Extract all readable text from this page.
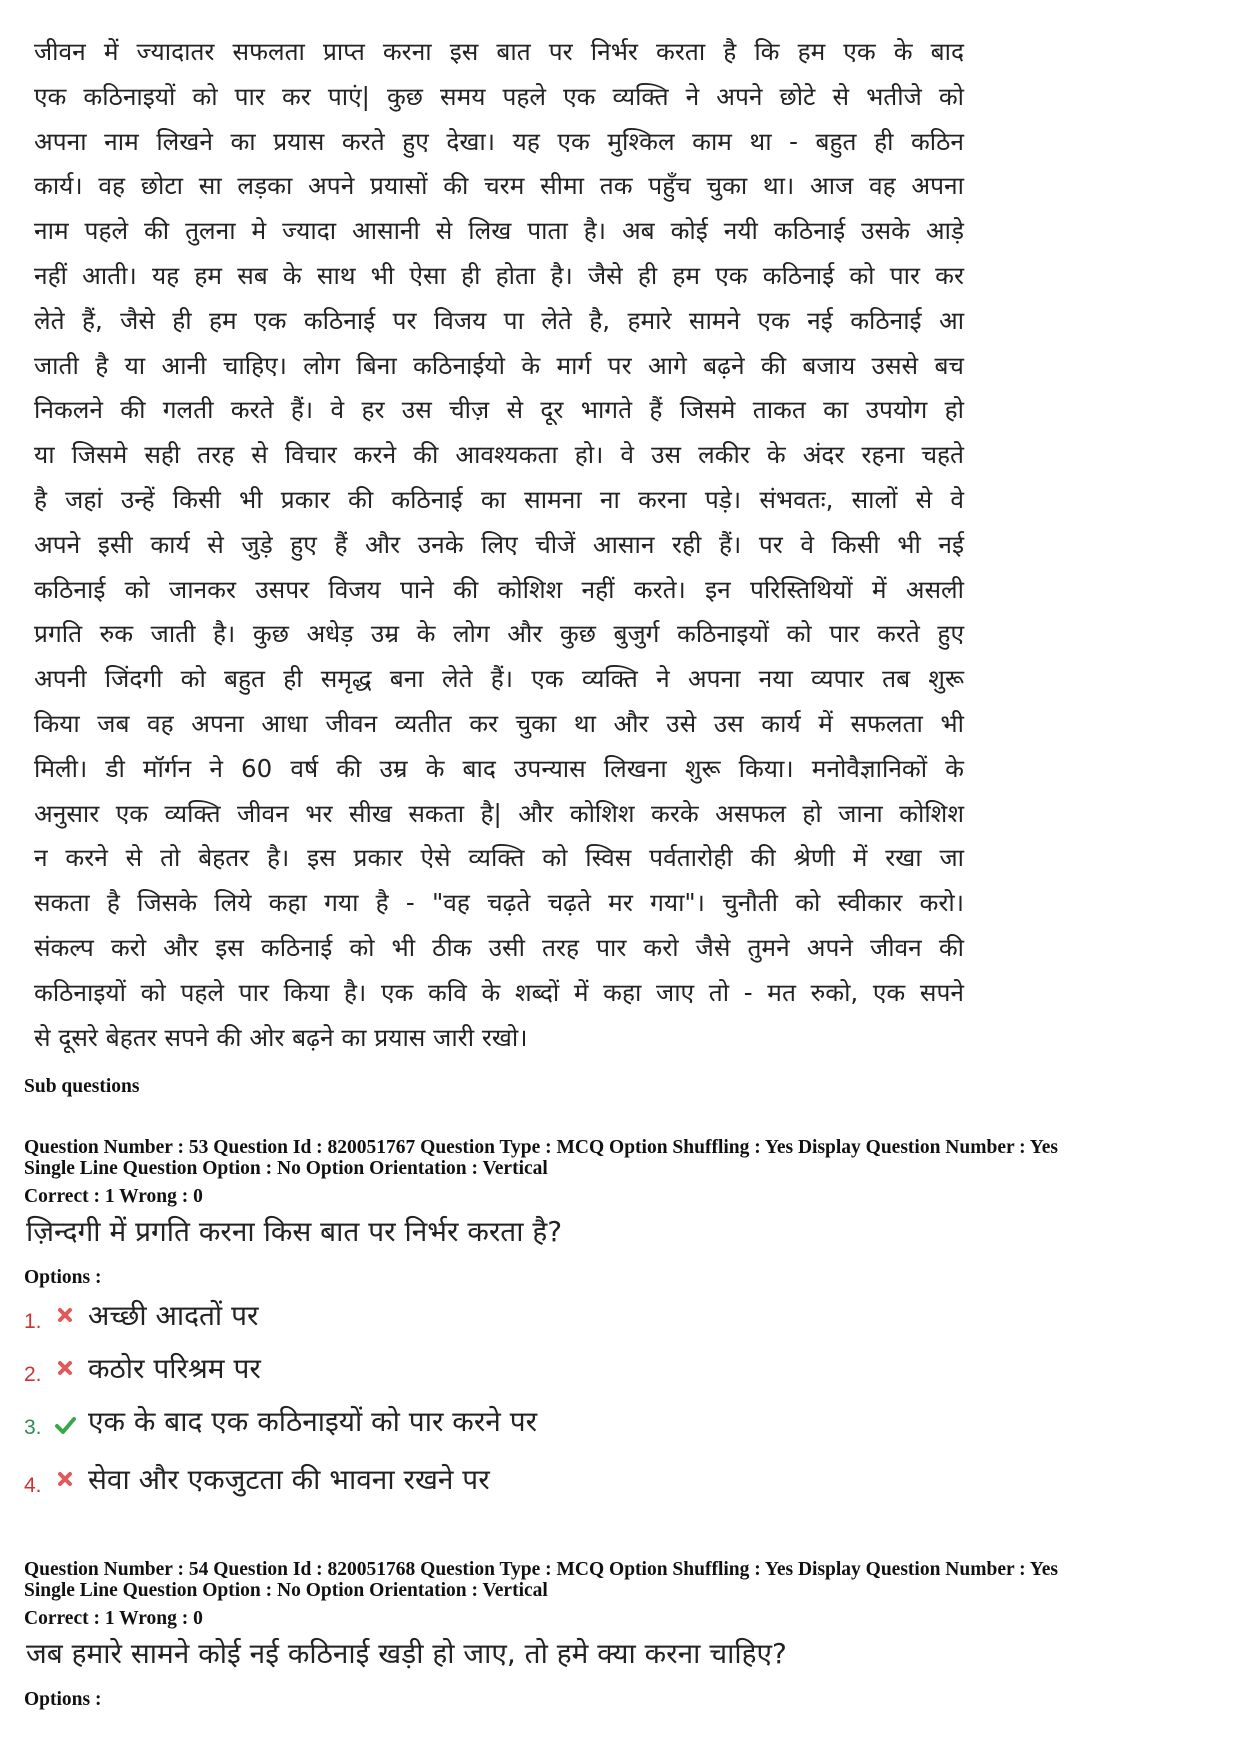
जीवन में ज्यादातर सफलता प्राप्त करना इस बात पर निर्भर करता है कि हम एक के बाद
एक कठिनाइयों को पार कर पाएं| कुछ समय पहले एक व्यक्ति ने अपने छोटे से भतीजे को
अपना नाम लिखने का प्रयास करते हुए देखा। यह एक मुश्किल काम था - बहुत ही कठिन
कार्य। वह छोटा सा लड़का अपने प्रयासों की चरम सीमा तक पहुँच चुका था। आज वह अपना
नाम पहले की तुलना मे ज्यादा आसानी से लिख पाता है। अब कोई नयी कठिनाई उसके आड़े
नहीं आती। यह हम सब के साथ भी ऐसा ही होता है। जैसे ही हम एक कठिनाई को पार कर
लेते हैं, जैसे ही हम एक कठिनाई पर विजय पा लेते है, हमारे सामने एक नई कठिनाई आ
जाती है या आनी चाहिए। लोग बिना कठिनाईयो के मार्ग पर आगे बढ़ने की बजाय उससे बच
निकलने की गलती करते हैं। वे हर उस चीज़ से दूर भागते हैं जिसमे ताकत का उपयोग हो
या जिसमे सही तरह से विचार करने की आवश्यकता हो। वे उस लकीर के अंदर रहना चहते
है जहां उन्हें किसी भी प्रकार की कठिनाई का सामना ना करना पड़े। संभवतः, सालों से वे
अपने इसी कार्य से जुड़े हुए हैं और उनके लिए चीजें आसान रही हैं। पर वे किसी भी नई
कठिनाई को जानकर उसपर विजय पाने की कोशिश नहीं करते। इन परिस्तिथियों में असली
प्रगति रुक जाती है। कुछ अधेड़ उम्र के लोग और कुछ बुजुर्ग कठिनाइयों को पार करते हुए
अपनी जिंदगी को बहुत ही समृद्ध बना लेते हैं। एक व्यक्ति ने अपना नया व्यपार तब शुरू
किया जब वह अपना आधा जीवन व्यतीत कर चुका था और उसे उस कार्य में सफलता भी
मिली। डी मॉर्गन ने 60 वर्ष की उम्र के बाद उपन्यास लिखना शुरू किया। मनोवैज्ञानिकों के
अनुसार एक व्यक्ति जीवन भर सीख सकता है| और कोशिश करके असफल हो जाना कोशिश
न करने से तो बेहतर है। इस प्रकार ऐसे व्यक्ति को स्विस पर्वतारोही की श्रेणी में रखा जा
सकता है जिसके लिये कहा गया है - "वह चढ़ते चढ़ते मर गया"। चुनौती को स्वीकार करो।
संकल्प करो और इस कठिनाई को भी ठीक उसी तरह पार करो जैसे तुमने अपने जीवन की
कठिनाइयों को पहले पार किया है। एक कवि के शब्दों में कहा जाए तो - मत रुको, एक सपने
से दूसरे बेहतर सपने की ओर बढ़ने का प्रयास जारी रखो।
Sub questions
Question Number : 53 Question Id : 820051767 Question Type : MCQ Option Shuffling : Yes Display Question Number : Yes
Single Line Question Option : No Option Orientation : Vertical
Correct : 1 Wrong : 0
ज़िन्दगी में प्रगति करना किस बात पर निर्भर करता है?
Options :
1. अच्छी आदतों पर
2. कठोर परिश्रम पर
3. एक के बाद एक कठिनाइयों को पार करने पर
4. सेवा और एकजुटता की भावना रखने पर
Question Number : 54 Question Id : 820051768 Question Type : MCQ Option Shuffling : Yes Display Question Number : Yes
Single Line Question Option : No Option Orientation : Vertical
Correct : 1 Wrong : 0
जब हमारे सामने कोई नई कठिनाई खड़ी हो जाए, तो हमे क्या करना चाहिए?
Options :
